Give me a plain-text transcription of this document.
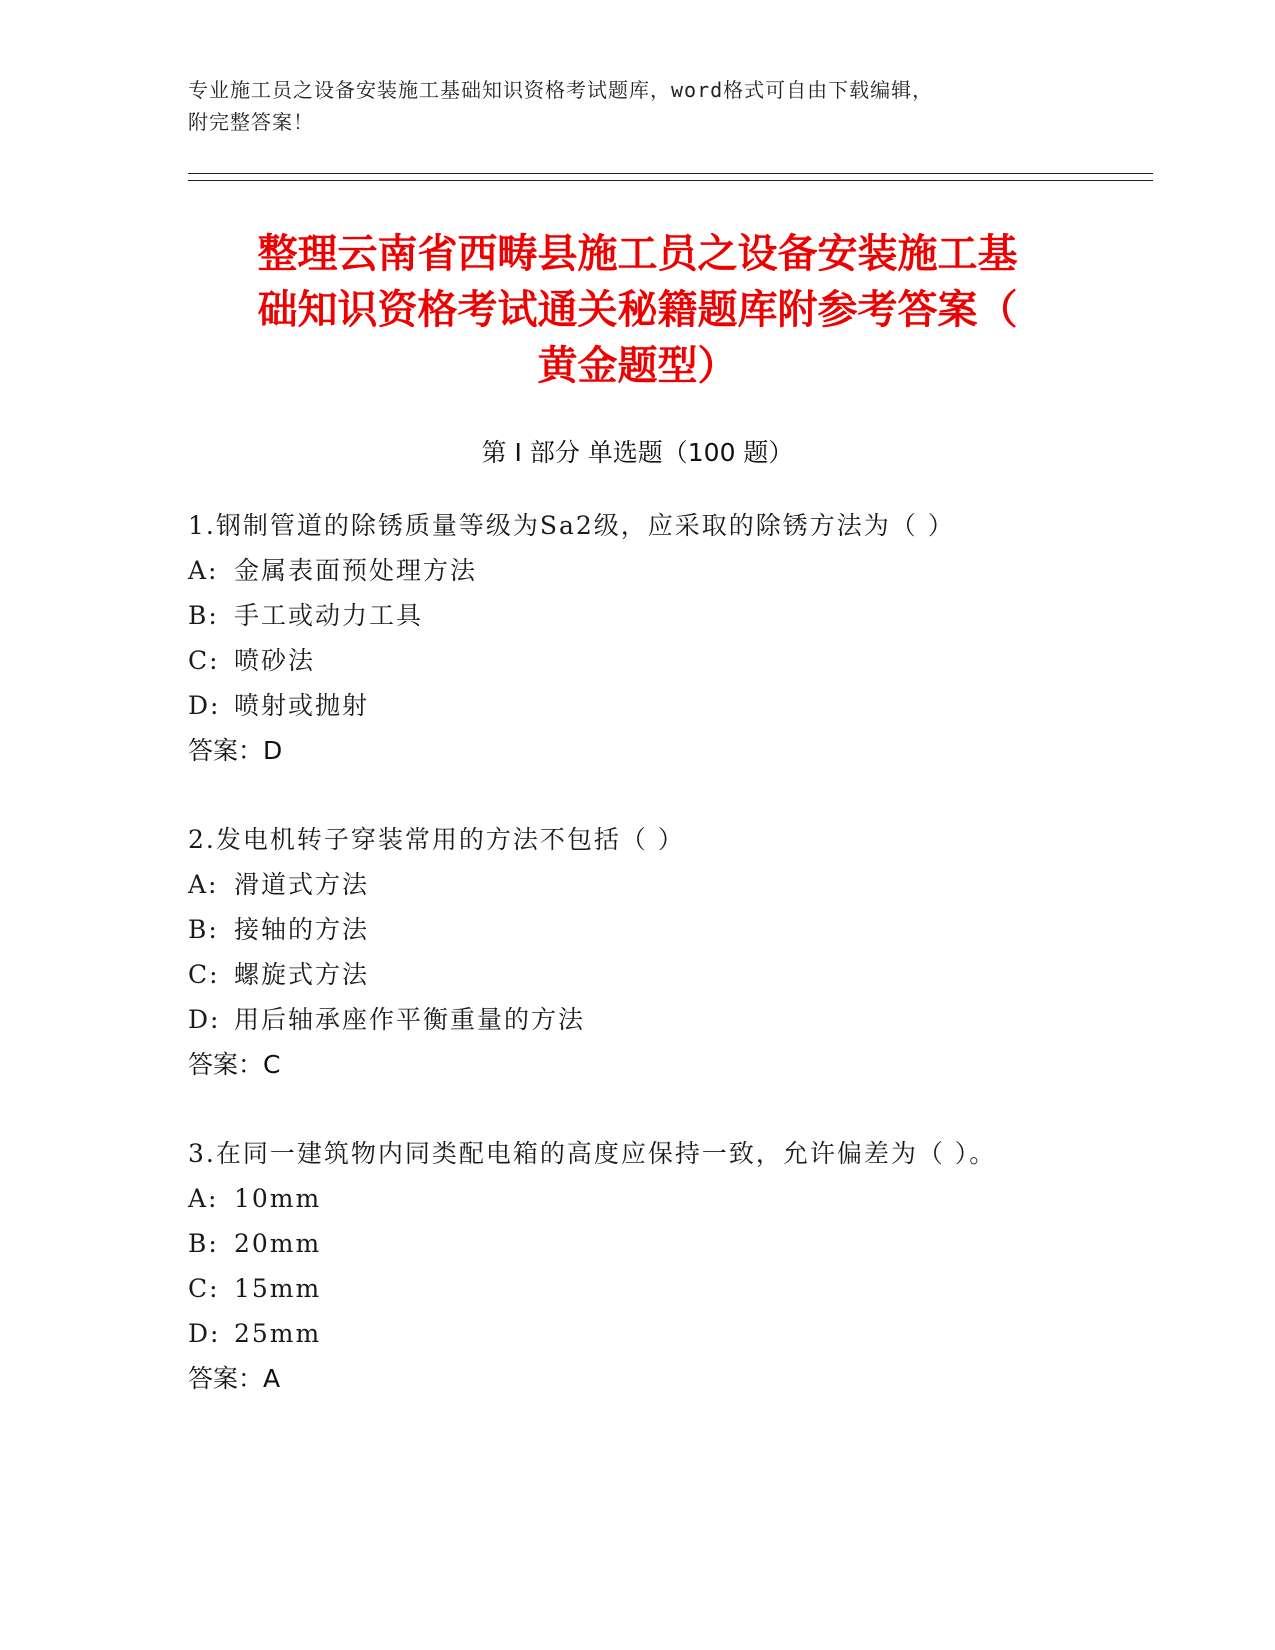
专业施工员之设备安装施工基础知识资格考试题库，word格式可自由下载编辑，
附完整答案！
整理云南省西畴县施工员之设备安装施工基
础知识资格考试通关秘籍题库附参考答案（
黄金题型）
第 I 部分 单选题（100 题）
1.钢制管道的除锈质量等级为Sa2级，应采取的除锈方法为（ ）
A: 金属表面预处理方法
B: 手工或动力工具
C: 喷砂法
D: 喷射或抛射
答案：D
2.发电机转子穿装常用的方法不包括（ ）
A: 滑道式方法
B: 接轴的方法
C: 螺旋式方法
D: 用后轴承座作平衡重量的方法
答案：C
3.在同一建筑物内同类配电箱的高度应保持一致，允许偏差为（ ）。
A: 10mm
B: 20mm
C: 15mm
D: 25mm
答案：A
